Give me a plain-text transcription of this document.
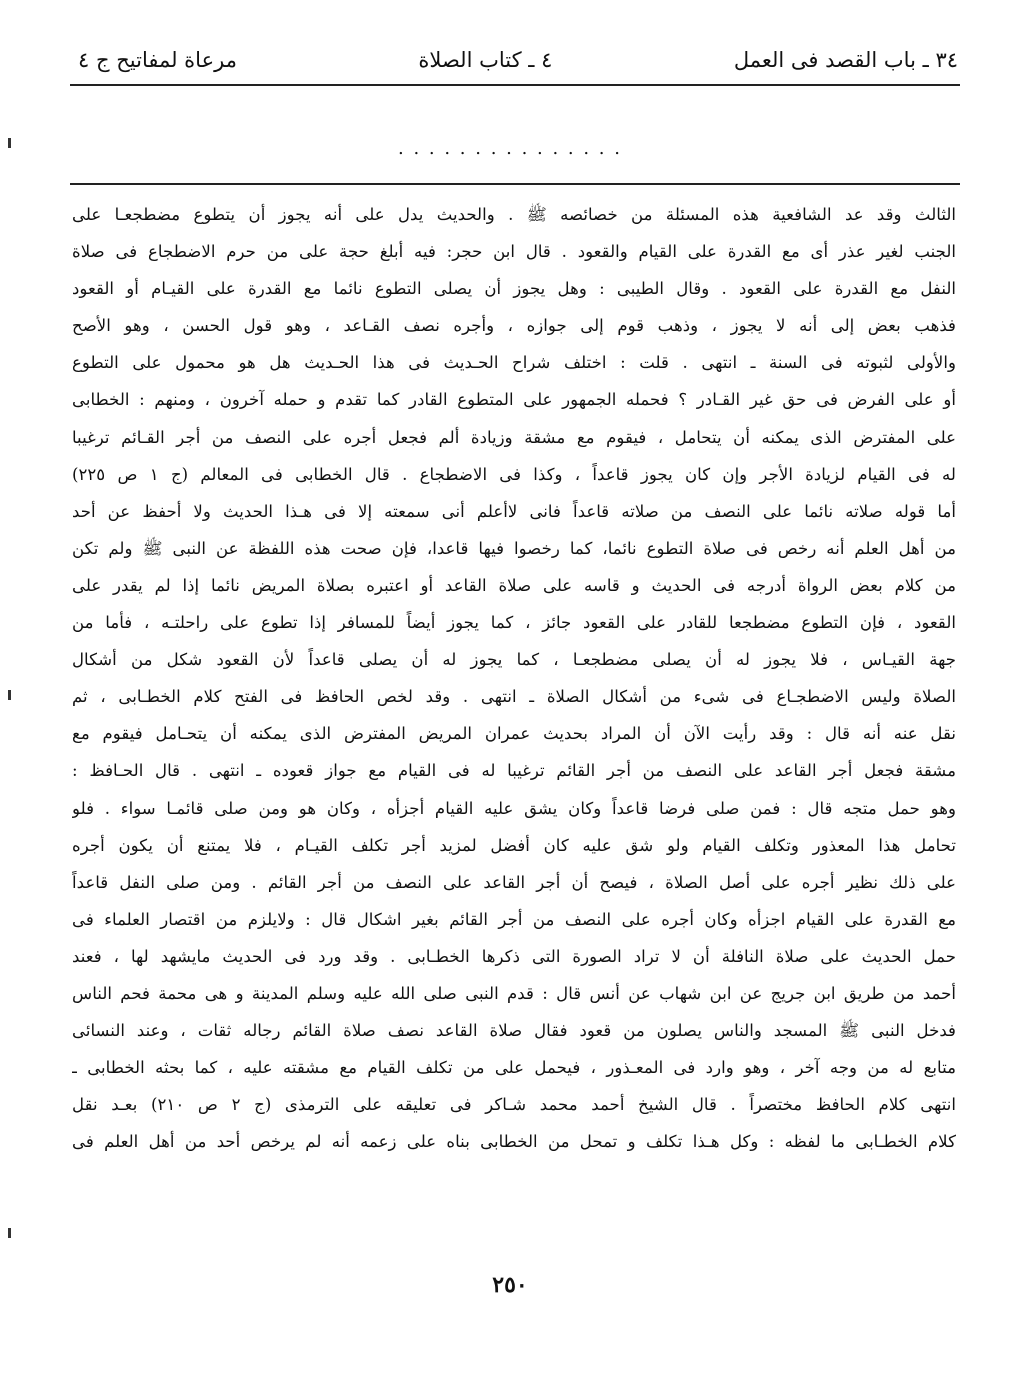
مرعاة لمفاتيح ج ٤	٤ ـ كتاب الصلاة	٣٤ ـ باب القصد فى العمل
. . . . . . . . . . . . . . .
الثالث وقد عد الشافعية هذه المسئلة من خصائصه ﷺ . والحديث يدل على أنه يجوز أن يتطوع مضطجعـا على
الجنب لغير عذر أى مع القدرة على القيام والقعود . قال ابن حجر: فيه أبلغ حجة على من حرم الاضطجاع فى صلاة
النفل مع القدرة على القعود . وقال الطيبى : وهل يجوز أن يصلى التطوع نائما مع القدرة على القيـام أو القعود
فذهب بعض إلى أنه لا يجوز ، وذهب قوم إلى جوازه ، وأجره نصف القـاعد ، وهو قول الحسن ، وهو الأصح
والأولى لثبوته فى السنة ـ انتهى . قلت : اختلف شراح الحـديث فى هذا الحـديث هل هو محمول على التطوع
أو على الفرض فى حق غير القـادر ؟ فحمله الجمهور على المتطوع القادر كما تقدم و حمله آخرون ، ومنهم : الخطابى
على المفترض الذى يمكنه أن يتحامل ، فيقوم مع مشقة وزيادة ألم فجعل أجره على النصف من أجر القـائم ترغيبا
له فى القيام لزيادة الأجر وإن كان يجوز قاعداً ، وكذا فى الاضطجاع . قال الخطابى فى المعالم (ج ١ ص ٢٢٥)
أما قوله صلاته نائما على النصف من صلاته قاعداً فانى لاأعلم أنى سمعته إلا فى هـذا الحديث ولا أحفظ عن أحد
من أهل العلم أنه رخص فى صلاة التطوع نائما، كما رخصوا فيها قاعدا، فإن صحت هذه اللفظة عن النبى ﷺ ولم تكن
من كلام بعض الرواة أدرجه فى الحديث و قاسه على صلاة القاعد أو اعتبره بصلاة المريض نائما إذا لم يقدر على
القعود ، فإن التطوع مضطجعا للقادر على القعود جائز ، كما يجوز أيضاً للمسافر إذا تطوع على راحلتـه ، فأما من
جهة القيـاس ، فلا يجوز له أن يصلى مضطجعـا ، كما يجوز له أن يصلى قاعداً لأن القعود شكل من أشكال
الصلاة وليس الاضطجـاع فى شىء من أشكال الصلاة ـ انتهى . وقد لخص الحافظ فى الفتح كلام الخطـابى ، ثم
نقل عنه أنه قال : وقد رأيت الآن أن المراد بحديث عمران المريض المفترض الذى يمكنه أن يتحـامل فيقوم مع
مشقة فجعل أجر القاعد على النصف من أجر القائم ترغيبا له فى القيام مع جواز قعوده ـ انتهى . قال الحـافظ :
وهو حمل متجه قال : فمن صلى فرضا قاعداً وكان يشق عليه القيام أجزأه ، وكان هو ومن صلى قائمـا سواء . فلو
تحامل هذا المعذور وتكلف القيام ولو شق عليه كان أفضل لمزيد أجر تكلف القيـام ، فلا يمتنع أن يكون أجره
على ذلك نظير أجره على أصل الصلاة ، فيصح أن أجر القاعد على النصف من أجر القائم . ومن صلى النفل قاعداً
مع القدرة على القيام اجزأه وكان أجره على النصف من أجر القائم بغير اشكال قال : ولايلزم من اقتصار العلماء فى
حمل الحديث على صلاة النافلة أن لا تراد الصورة التى ذكرها الخطـابى . وقد ورد فى الحديث مايشهد لها ، فعند
أحمد من طريق ابن جريج عن ابن شهاب عن أنس قال : قدم النبى صلى الله عليه وسلم المدينة و هى محمة فحم الناس
فدخل النبى ﷺ المسجد والناس يصلون من قعود فقال صلاة القاعد نصف صلاة القائم رجاله ثقات ، وعند النسائى
متابع له من وجه آخر ، وهو وارد فى المعـذور ، فيحمل على من تكلف القيام مع مشقته عليه ، كما بحثه الخطابى ـ
انتهى كلام الحافظ مختصراً . قال الشيخ أحمد محمد شـاكر فى تعليقه على الترمذى (ج ٢ ص ٢١٠) بعـد نقل
كلام الخطـابى ما لفظه : وكل هـذا تكلف و تمحل من الخطابى بناه على زعمه أنه لم يرخص أحد من أهل العلم فى
٢٥٠
